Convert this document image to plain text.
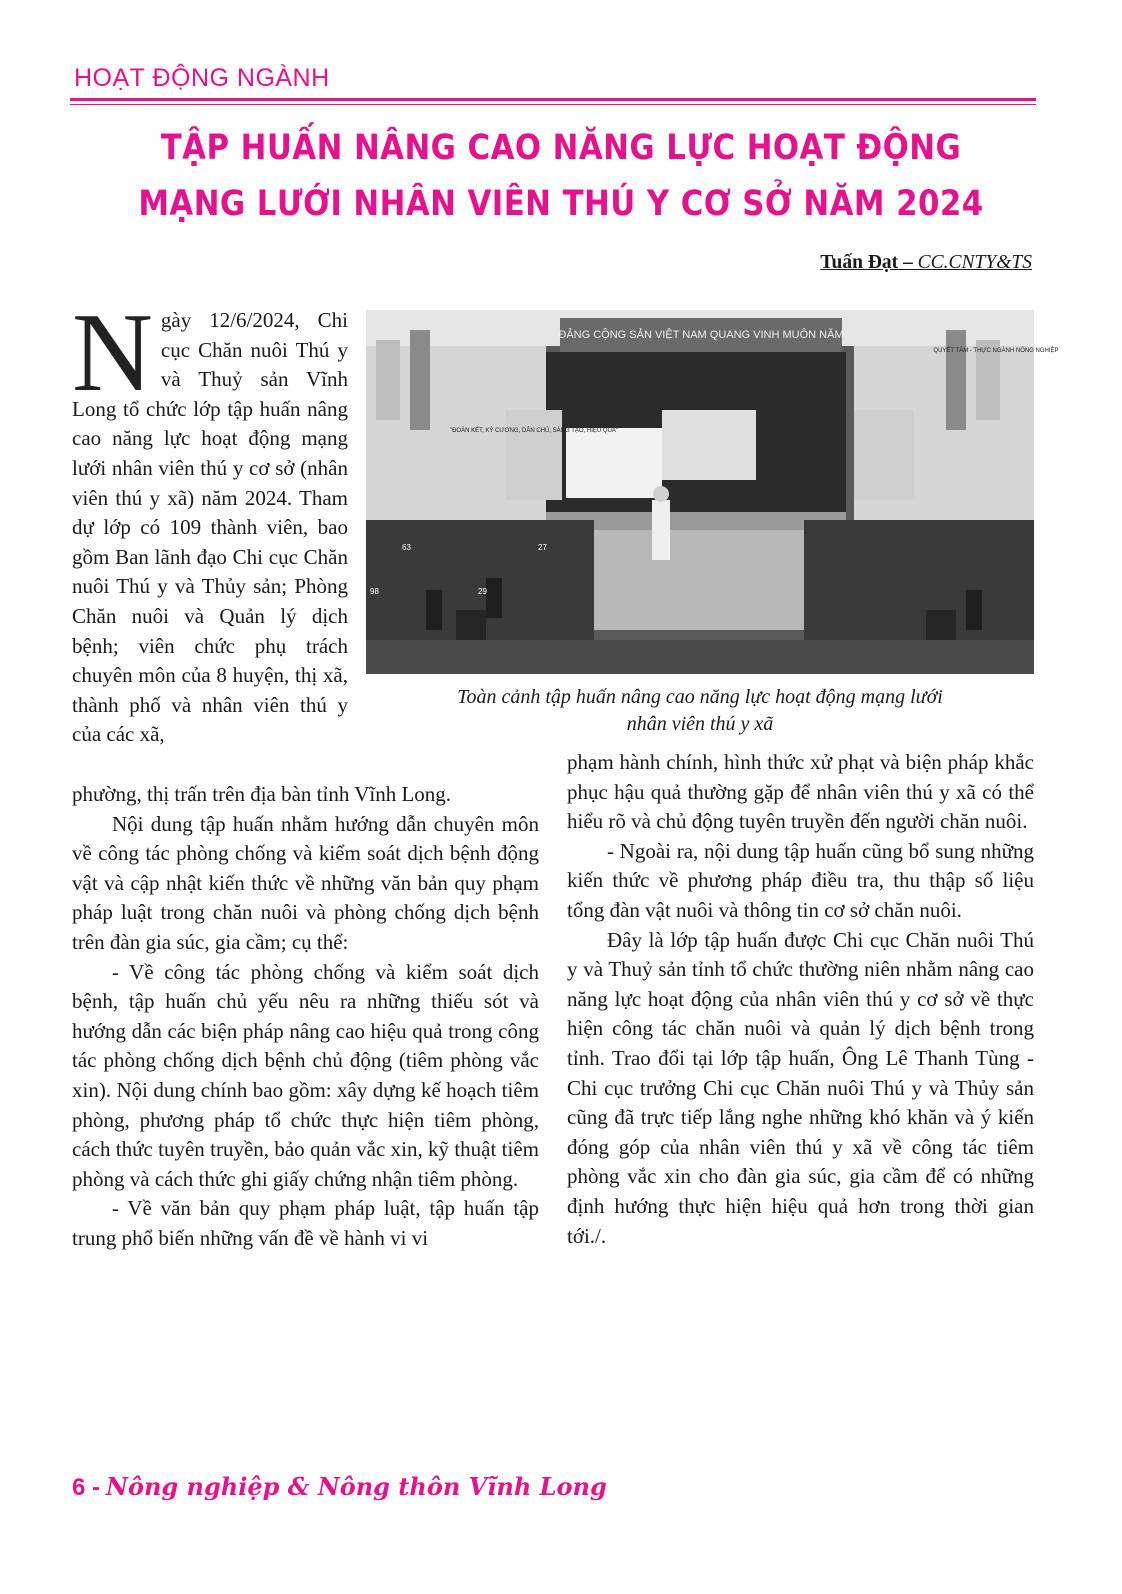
HOẠT ĐỘNG NGÀNH
TẬP HUẤN NÂNG CAO NĂNG LỰC HOẠT ĐỘNG
MẠNG LƯỚI NHÂN VIÊN THÚ Y CƠ SỞ NĂM 2024
Tuấn Đạt – CC.CNTY&TS
Ngày 12/6/2024, Chi cục Chăn nuôi Thú y và Thuỷ sản Vĩnh Long tổ chức lớp tập huấn nâng cao năng lực hoạt động mạng lưới nhân viên thú y cơ sở (nhân viên thú y xã) năm 2024. Tham dự lớp có 109 thành viên, bao gồm Ban lãnh đạo Chi cục Chăn nuôi Thú y và Thủy sản; Phòng Chăn nuôi và Quản lý dịch bệnh; viên chức phụ trách chuyên môn của 8 huyện, thị xã, thành phố và nhân viên thú y của các xã,
ĐẢNG CỘNG SẢN VIỆT NAM QUANG VINH MUÔN NĂM
"ĐOÀN KẾT, KỶ CƯƠNG, DÂN CHỦ, SÁNG TẠO, HIỆU QUẢ"
QUYẾT TÂM - THỰC NGÀNH NÔNG NGHIỆP
63	27
98	29
Toàn cảnh tập huấn nâng cao năng lực hoạt động mạng lưới
nhân viên thú y xã

phường, thị trấn trên địa bàn tỉnh Vĩnh Long.

Nội dung tập huấn nhằm hướng dẫn chuyên môn về công tác phòng chống và kiểm soát dịch bệnh động vật và cập nhật kiến thức về những văn bản quy phạm pháp luật trong chăn nuôi và phòng chống dịch bệnh trên đàn gia súc, gia cầm; cụ thể:

- Về công tác phòng chống và kiểm soát dịch bệnh, tập huấn chủ yếu nêu ra những thiếu sót và hướng dẫn các biện pháp nâng cao hiệu quả trong công tác phòng chống dịch bệnh chủ động (tiêm phòng vắc xin). Nội dung chính bao gồm: xây dựng kế hoạch tiêm phòng, phương pháp tổ chức thực hiện tiêm phòng, cách thức tuyên truyền, bảo quản vắc xin, kỹ thuật tiêm phòng và cách thức ghi giấy chứng nhận tiêm phòng.

- Về văn bản quy phạm pháp luật, tập huấn tập trung phổ biến những vấn đề về hành vi vi

phạm hành chính, hình thức xử phạt và biện pháp khắc phục hậu quả thường gặp để nhân viên thú y xã có thể hiểu rõ và chủ động tuyên truyền đến người chăn nuôi.

- Ngoài ra, nội dung tập huấn cũng bổ sung những kiến thức về phương pháp điều tra, thu thập số liệu tổng đàn vật nuôi và thông tin cơ sở chăn nuôi.

Đây là lớp tập huấn được Chi cục Chăn nuôi Thú y và Thuỷ sản tỉnh tổ chức thường niên nhằm nâng cao năng lực hoạt động của nhân viên thú y cơ sở về thực hiện công tác chăn nuôi và quản lý dịch bệnh trong tỉnh. Trao đổi tại lớp tập huấn, Ông Lê Thanh Tùng - Chi cục trưởng Chi cục Chăn nuôi Thú y và Thủy sản cũng đã trực tiếp lắng nghe những khó khăn và ý kiến đóng góp của nhân viên thú y xã về công tác tiêm phòng vắc xin cho đàn gia súc, gia cầm để có những định hướng thực hiện hiệu quả hơn trong thời gian tới./.

6 - Nông nghiệp & Nông thôn Vĩnh Long
